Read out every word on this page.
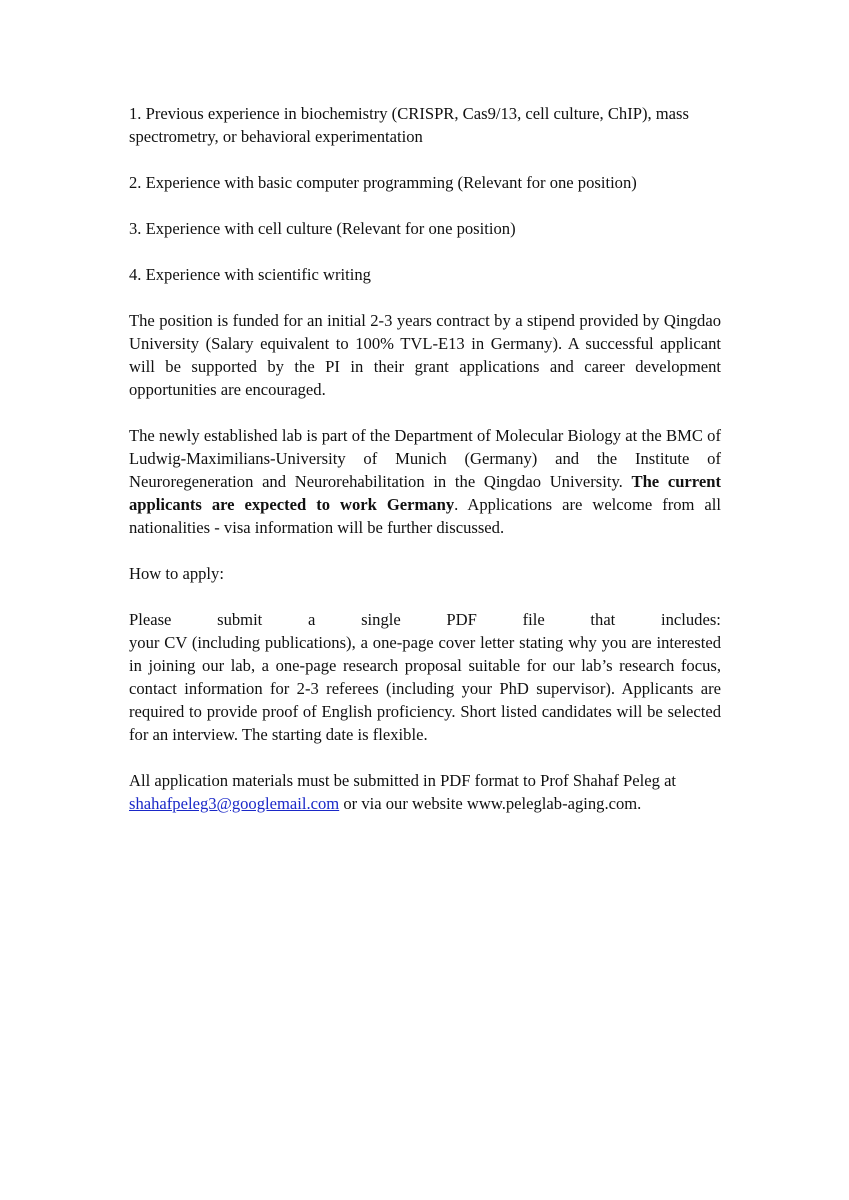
1. Previous experience in biochemistry (CRISPR, Cas9/13, cell culture, ChIP), mass spectrometry, or behavioral experimentation

2. Experience with basic computer programming (Relevant for one position)

3. Experience with cell culture (Relevant for one position)

4. Experience with scientific writing

The position is funded for an initial 2-3 years contract by a stipend provided by Qingdao University (Salary equivalent to 100% TVL-E13 in Germany). A successful applicant will be supported by the PI in their grant applications and career development opportunities are encouraged.

The newly established lab is part of the Department of Molecular Biology at the BMC of Ludwig-Maximilians-University of Munich (Germany) and the Institute of Neuroregeneration and Neurorehabilitation in the Qingdao University. The current applicants are expected to work Germany. Applications are welcome from all nationalities - visa information will be further discussed.

How to apply:

Please	submit	a	single	PDF	file	that	includes:
your CV (including publications), a one-page cover letter stating why you are interested in joining our lab, a one-page research proposal suitable for our lab’s research focus, contact information for 2-3 referees (including your PhD supervisor). Applicants are required to provide proof of English proficiency. Short listed candidates will be selected for an interview. The starting date is flexible.

All application materials must be submitted in PDF format to Prof Shahaf Peleg at shahafpeleg3@googlemail.com or via our website www.peleglab-aging.com.
